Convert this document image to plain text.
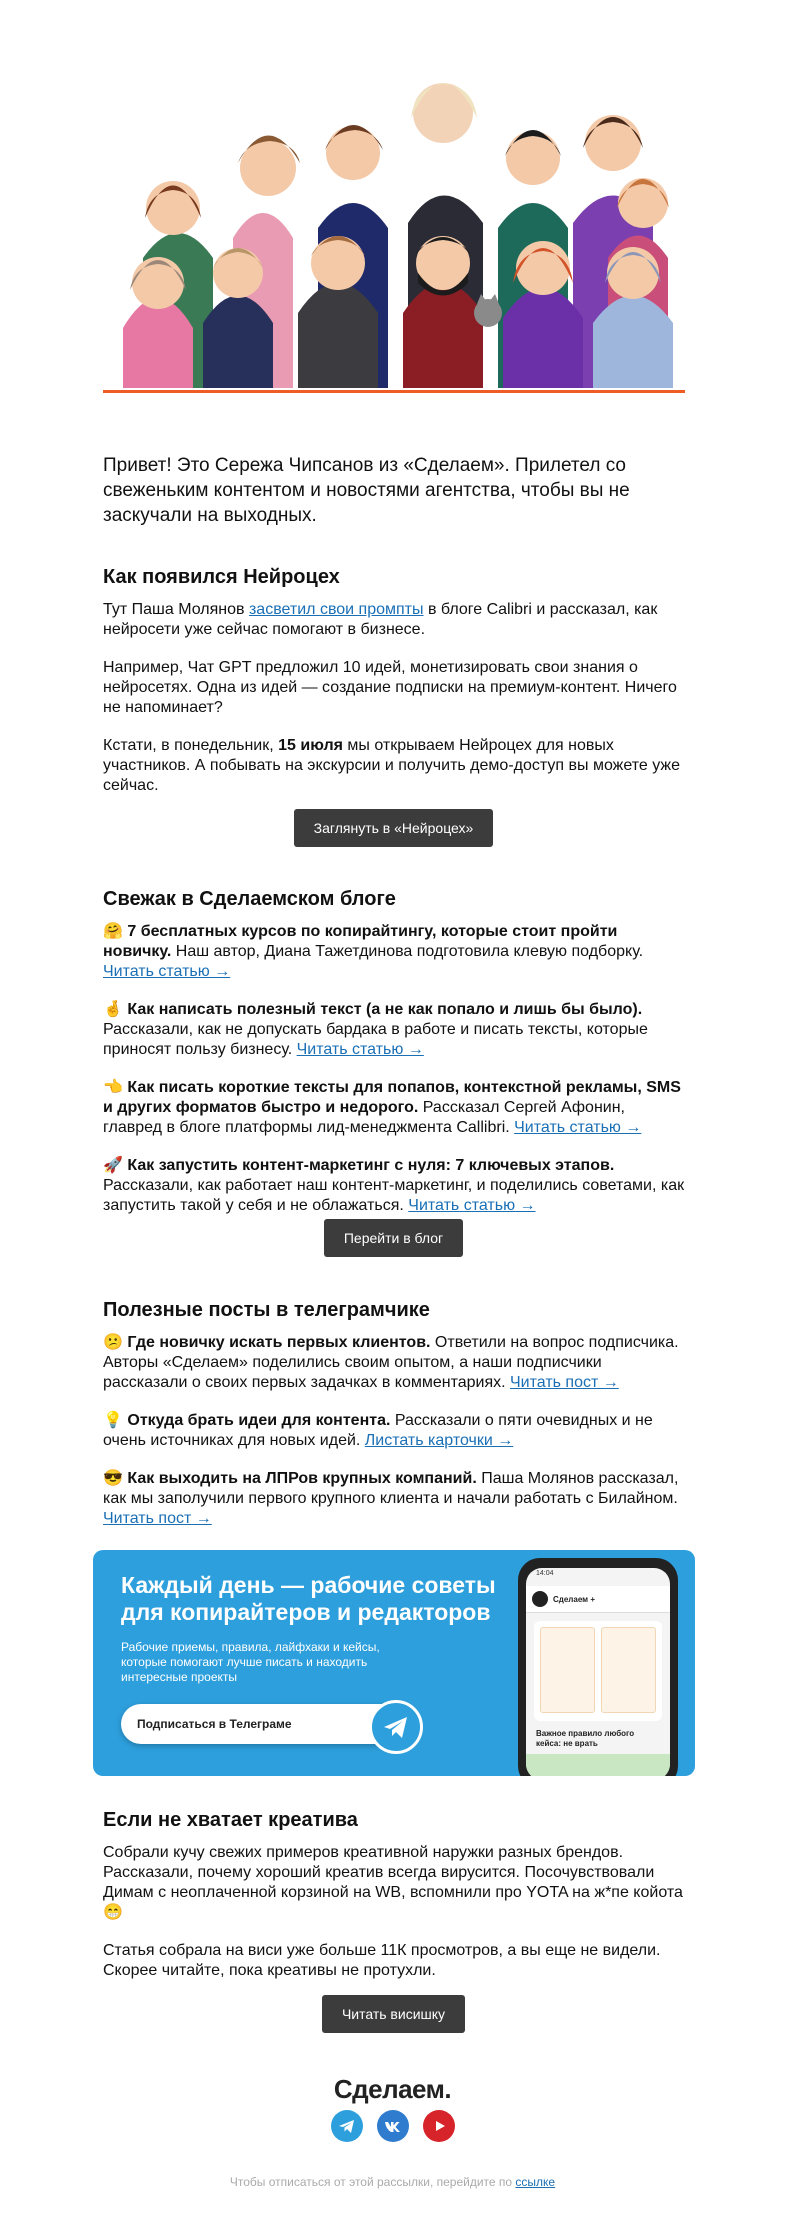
Привет! Это Сережа Чипсанов из «Сделаем». Прилетел со свеженьким контентом и новостями агентства, чтобы вы не заскучали на выходных.

Как появился Нейроцех

Тут Паша Молянов засветил свои промпты в блоге Calibri и рассказал, как нейросети уже сейчас помогают в бизнесе.

Например, Чат GPT предложил 10 идей, монетизировать свои знания о нейросетях. Одна из идей — создание подписки на премиум-контент. Ничего не напоминает?

Кстати, в понедельник, 15 июля мы открываем Нейроцех для новых участников. А побывать на экскурсии и получить демо-доступ вы можете уже сейчас.

Заглянуть в «Нейроцех»
Свежак в Сделаемском блоге

🤗 7 бесплатных курсов по копирайтингу, которые стоит пройти новичку. Наш автор, Диана Тажетдинова подготовила клевую подборку. Читать статью →

🤞 Как написать полезный текст (а не как попало и лишь бы было). Рассказали, как не допускать бардака в работе и писать тексты, которые приносят пользу бизнесу. Читать статью →

👈 Как писать короткие тексты для попапов, контекстной рекламы, SMS и других форматов быстро и недорого. Рассказал Сергей Афонин, главред в блоге платформы лид-менеджмента Callibri. Читать статью →

🚀 Как запустить контент-маркетинг с нуля: 7 ключевых этапов. Рассказали, как работает наш контент-маркетинг, и поделились советами, как запустить такой у себя и не облажаться. Читать статью →

Перейти в блог
Полезные посты в телеграмчике

😕 Где новичку искать первых клиентов. Ответили на вопрос подписчика. Авторы «Сделаем» поделились своим опытом, а наши подписчики рассказали о своих первых задачках в комментариях. Читать пост →

💡 Откуда брать идеи для контента. Рассказали о пяти очевидных и не очень источниках для новых идей. Листать карточки →

😎 Как выходить на ЛПРов крупных компаний. Паша Молянов рассказал, как мы заполучили первого крупного клиента и начали работать с Билайном. Читать пост →

Каждый день — рабочие советы для копирайтеров и редакторов
Рабочие приемы, правила, лайфхаки и кейсы, которые помогают лучше писать и находить интересные проекты
Подписаться в Телеграме
14:04
Сделаем +
Важное правило любого кейса: не врать
Если не хватает креатива

Собрали кучу свежих примеров креативной наружки разных брендов. Рассказали, почему хороший креатив всегда вирусится. Посочувствовали Димам с неоплаченной корзиной на WB, вспомнили про YOTA на ж*пе койота 😁

Статья собрала на виси уже больше 11К просмотров, а вы еще не видели. Скорее читайте, пока креативы не протухли.

Читать висишку
Сделаем.
Чтобы отписаться от этой рассылки, перейдите по ссылке
